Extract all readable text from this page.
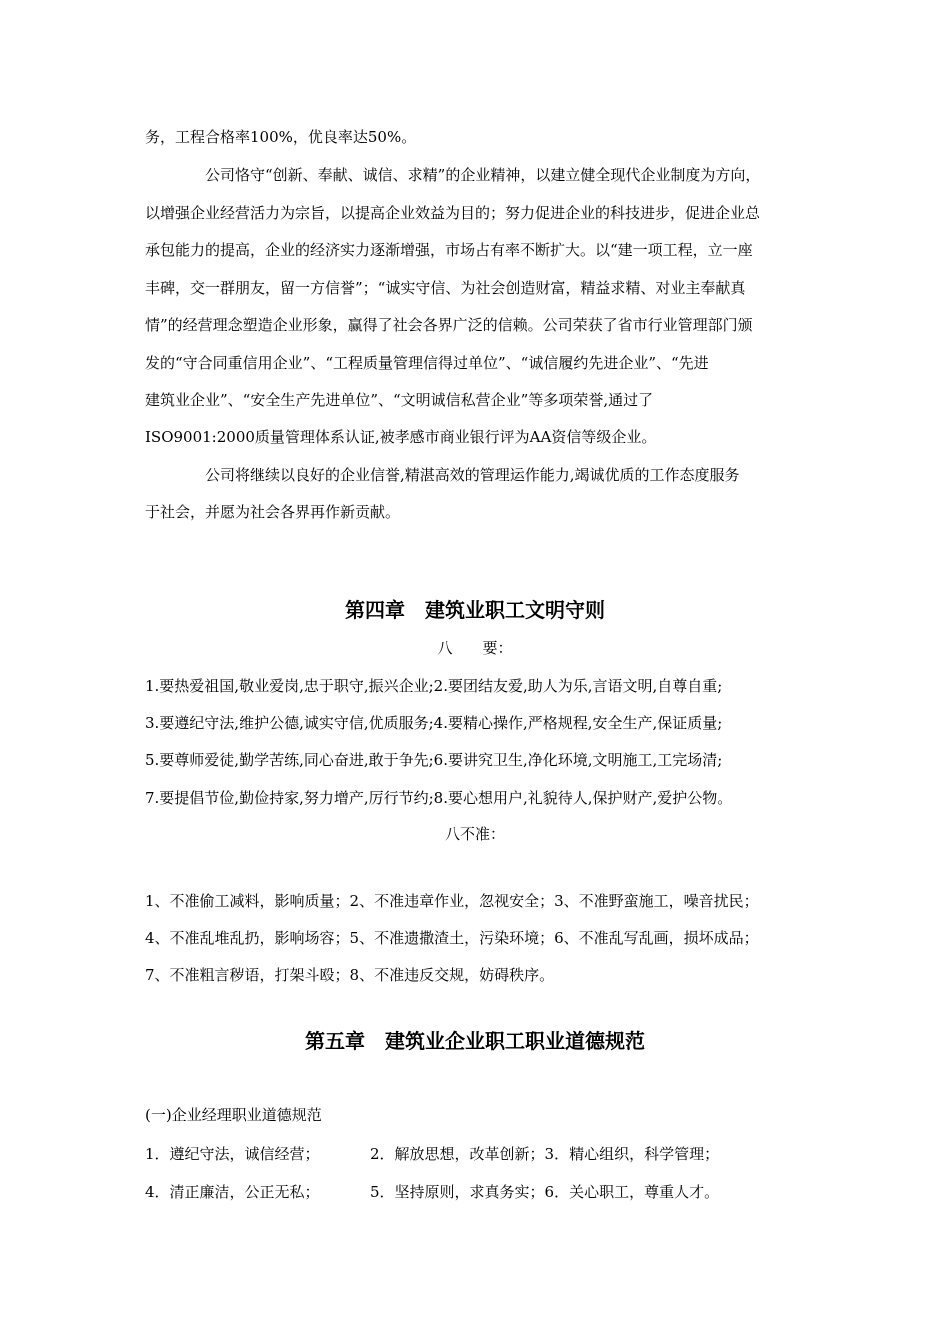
务，工程合格率100%，优良率达50%。
　　　　公司恪守“创新、奉献、诚信、求精”的企业精神，以建立健全现代企业制度为方向，
以增强企业经营活力为宗旨，以提高企业效益为目的；努力促进企业的科技进步，促进企业总
承包能力的提高，企业的经济实力逐渐增强，市场占有率不断扩大。以“建一项工程，立一座
丰碑，交一群朋友，留一方信誉”；“诚实守信、为社会创造财富，精益求精、对业主奉献真
情”的经营理念塑造企业形象，赢得了社会各界广泛的信赖。公司荣获了省市行业管理部门颁
发的“守合同重信用企业”、“工程质量管理信得过单位”、“诚信履约先进企业”、“先进
建筑业企业”、“安全生产先进单位”、“文明诚信私营企业”等多项荣誉,通过了
ISO9001:2000质量管理体系认证,被孝感市商业银行评为AA资信等级企业。
　　　　公司将继续以良好的企业信誉,精湛高效的管理运作能力,竭诚优质的工作态度服务
于社会，并愿为社会各界再作新贡献。
第四章　建筑业职工文明守则
八　　要：
1.要热爱祖国,敬业爱岗,忠于职守,振兴企业;2.要团结友爱,助人为乐,言语文明,自尊自重;
3.要遵纪守法,维护公德,诚实守信,优质服务;4.要精心操作,严格规程,安全生产,保证质量;
5.要尊师爱徒,勤学苦练,同心奋进,敢于争先;6.要讲究卫生,净化环境,文明施工,工完场清;
7.要提倡节俭,勤俭持家,努力增产,厉行节约;8.要心想用户,礼貌待人,保护财产,爱护公物。
八不准：
1、不准偷工减料，影响质量；2、不准违章作业，忽视安全；3、不准野蛮施工，噪音扰民；
4、不准乱堆乱扔，影响场容；5、不准遗撒渣土，污染环境；6、不准乱写乱画，损坏成品；
7、不准粗言秽语，打架斗殴；8、不准违反交规，妨碍秩序。
第五章　建筑业企业职工职业道德规范
(一)企业经理职业道德规范
1．遵纪守法，诚信经营；	2．解放思想，改革创新；3．精心组织，科学管理；
4．清正廉洁，公正无私；	5．坚持原则，求真务实；6．关心职工，尊重人才。
